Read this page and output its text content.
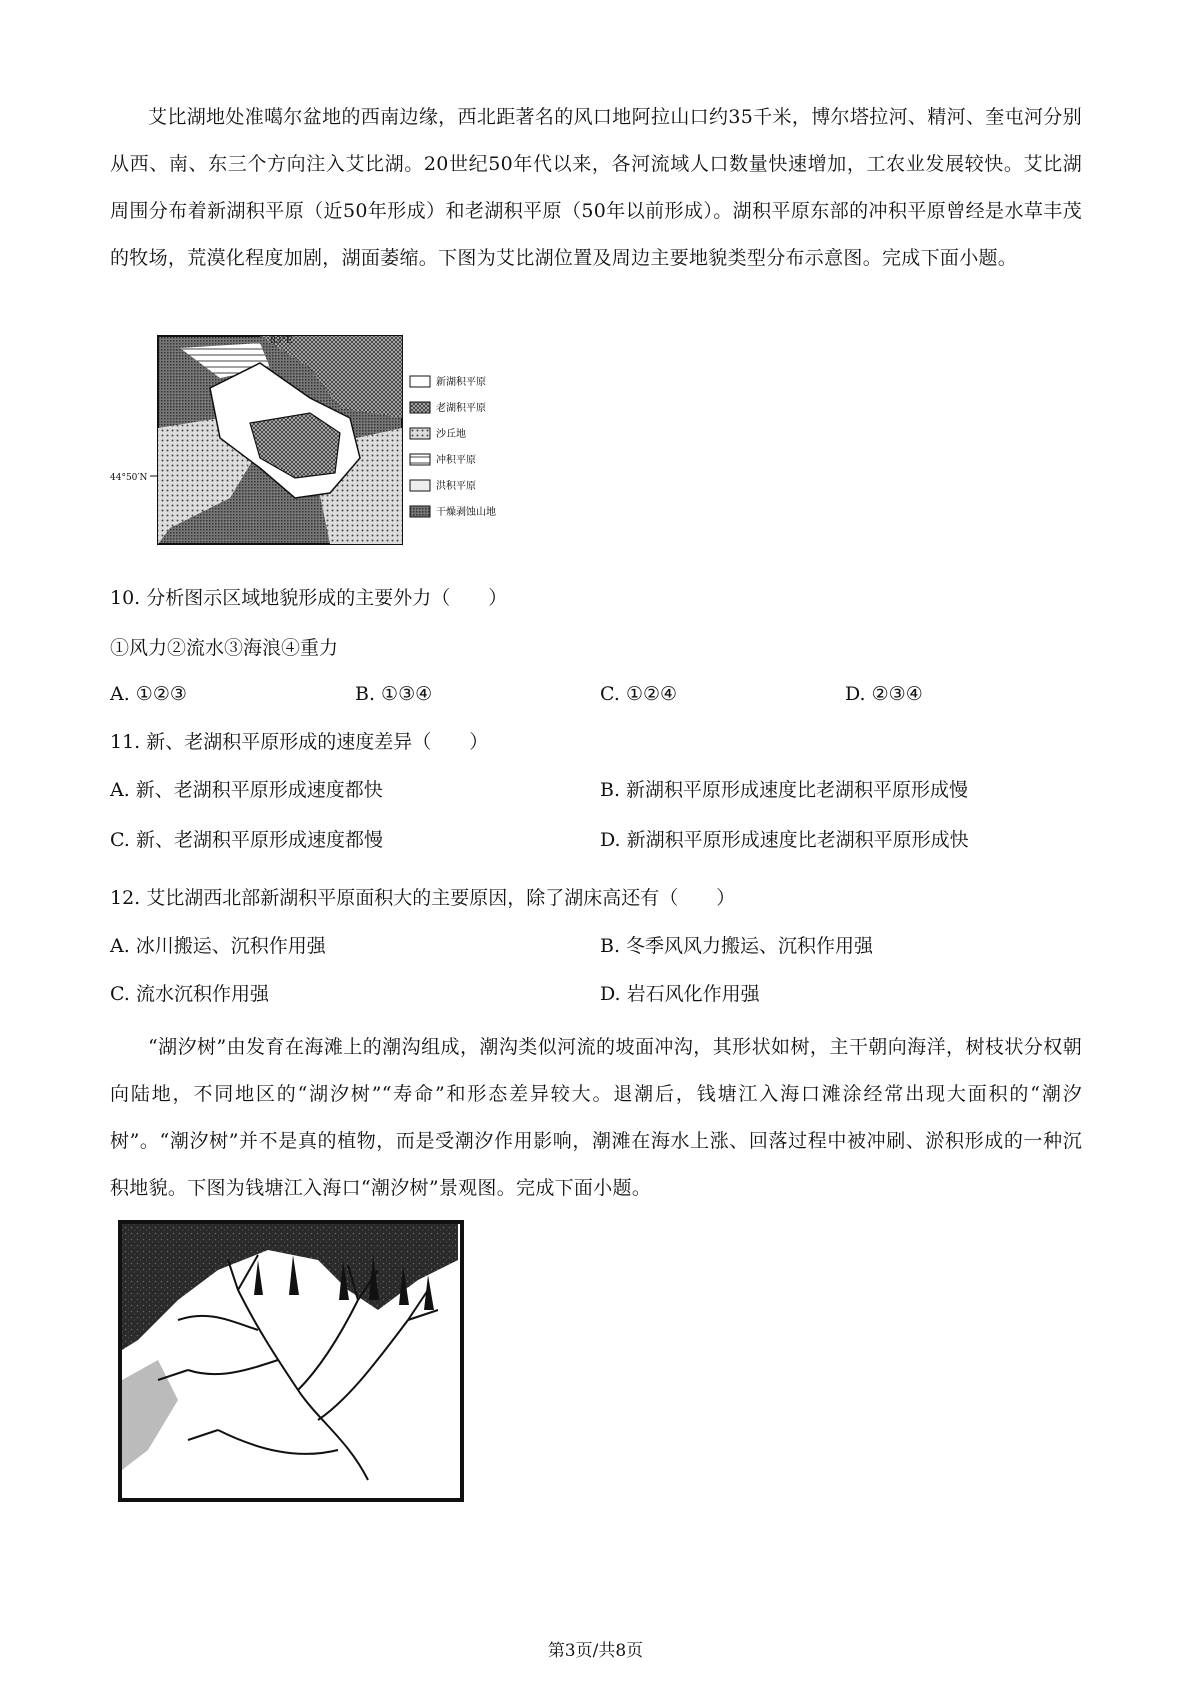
艾比湖地处准噶尔盆地的西南边缘，西北距著名的风口地阿拉山口约35千米，博尔塔拉河、精河、奎屯河分别从西、南、东三个方向注入艾比湖。20世纪50年代以来，各河流域人口数量快速增加，工农业发展较快。艾比湖周围分布着新湖积平原（近50年形成）和老湖积平原（50年以前形成）。湖积平原东部的冲积平原曾经是水草丰茂的牧场，荒漠化程度加剧，湖面萎缩。下图为艾比湖位置及周边主要地貌类型分布示意图。完成下面小题。

83°E
44°50′N
新湖积平原
老湖积平原
沙丘地
冲积平原
洪积平原
干燥剥蚀山地

10. 分析图示区域地貌形成的主要外力（　　）

①风力②流水③海浪④重力

A. ①②③	B. ①③④	C. ①②④	D. ②③④

11. 新、老湖积平原形成的速度差异（　　）

A. 新、老湖积平原形成速度都快	B. 新湖积平原形成速度比老湖积平原形成慢
C. 新、老湖积平原形成速度都慢	D. 新湖积平原形成速度比老湖积平原形成快

12. 艾比湖西北部新湖积平原面积大的主要原因，除了湖床高还有（　　）

A. 冰川搬运、沉积作用强	B. 冬季风风力搬运、沉积作用强
C. 流水沉积作用强	D. 岩石风化作用强

“湖汐树”由发育在海滩上的潮沟组成，潮沟类似河流的坡面冲沟，其形状如树，主干朝向海洋，树枝状分权朝向陆地，不同地区的“湖汐树”“寿命”和形态差异较大。退潮后，钱塘江入海口滩涂经常出现大面积的“潮汐树”。“潮汐树”并不是真的植物，而是受潮汐作用影响，潮滩在海水上涨、回落过程中被冲刷、淤积形成的一种沉积地貌。下图为钱塘江入海口“潮汐树”景观图。完成下面小题。

第3页/共8页
